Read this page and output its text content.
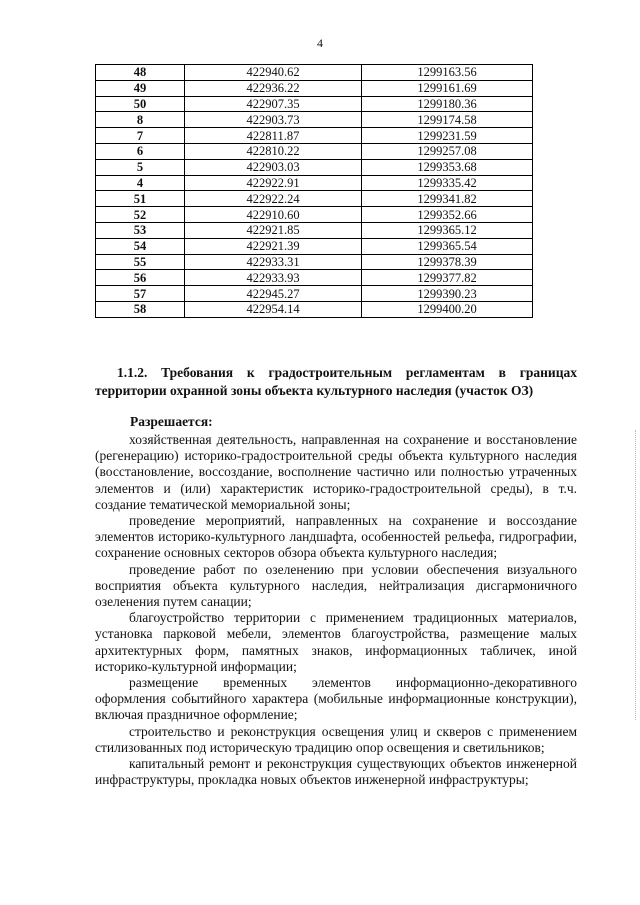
4
48	422940.62	1299163.56
49	422936.22	1299161.69
50	422907.35	1299180.36
8	422903.73	1299174.58
7	422811.87	1299231.59
6	422810.22	1299257.08
5	422903.03	1299353.68
4	422922.91	1299335.42
51	422922.24	1299341.82
52	422910.60	1299352.66
53	422921.85	1299365.12
54	422921.39	1299365.54
55	422933.31	1299378.39
56	422933.93	1299377.82
57	422945.27	1299390.23
58	422954.14	1299400.20
1.1.2. Требования к градостроительным регламентам в границах территории охранной зоны объекта культурного наследия (участок ОЗ)
Разрешается:

хозяйственная деятельность, направленная на сохранение и восстановление (регенерацию) историко-градостроительной среды объекта культурного наследия (восстановление, воссоздание, восполнение частично или полностью утраченных элементов и (или) характеристик историко-градостроительной среды), в т.ч. создание тематической мемориальной зоны;

проведение мероприятий, направленных на сохранение и воссоздание элементов историко-культурного ландшафта, особенностей рельефа, гидрографии, сохранение основных секторов обзора объекта культурного наследия;

проведение работ по озеленению при условии обеспечения визуального восприятия объекта культурного наследия, нейтрализация дисгармоничного озеленения путем санации;

благоустройство территории с применением традиционных материалов, установка парковой мебели, элементов благоустройства, размещение малых архитектурных форм, памятных знаков, информационных табличек, иной историко-культурной информации;

размещение временных элементов информационно-декоративного оформления событийного характера (мобильные информационные конструкции), включая праздничное оформление;

строительство и реконструкция освещения улиц и скверов с применением стилизованных под историческую традицию опор освещения и светильников;

капитальный ремонт и реконструкция существующих объектов инженерной инфраструктуры, прокладка новых объектов инженерной инфраструктуры;
